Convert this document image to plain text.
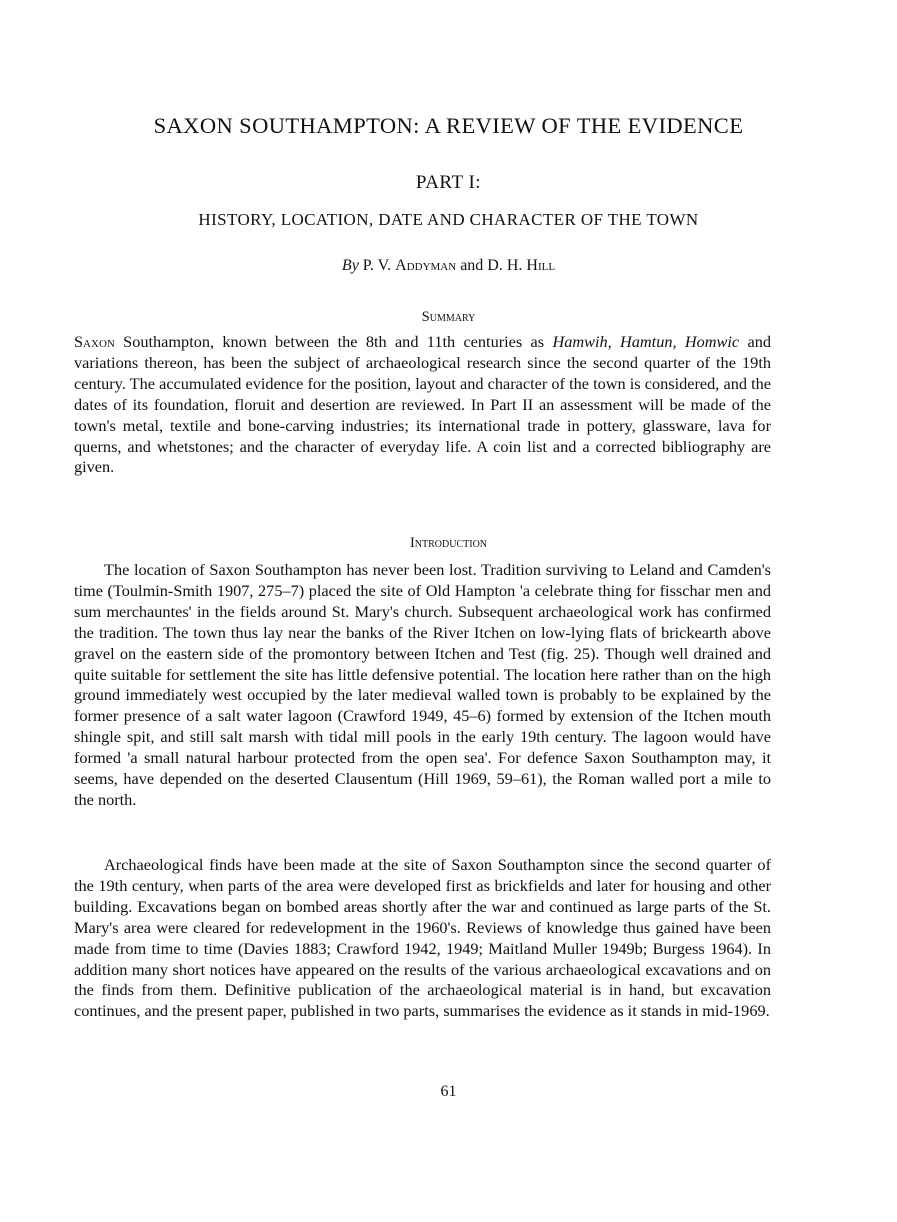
SAXON SOUTHAMPTON: A REVIEW OF THE EVIDENCE
PART I:
HISTORY, LOCATION, DATE AND CHARACTER OF THE TOWN
By P. V. Addyman and D. H. Hill
Summary

Saxon Southampton, known between the 8th and 11th centuries as Hamwih, Hamtun, Homwic and variations thereon, has been the subject of archaeological research since the second quarter of the 19th century. The accumulated evidence for the position, layout and character of the town is considered, and the dates of its foundation, floruit and desertion are reviewed. In Part II an assessment will be made of the town's metal, textile and bone-carving industries; its international trade in pottery, glassware, lava for querns, and whetstones; and the character of everyday life. A coin list and a corrected bibliography are given.

Introduction

The location of Saxon Southampton has never been lost. Tradition surviving to Leland and Camden's time (Toulmin-Smith 1907, 275–7) placed the site of Old Hampton 'a celebrate thing for fisschar men and sum merchauntes' in the fields around St. Mary's church. Subsequent archaeological work has confirmed the tradition. The town thus lay near the banks of the River Itchen on low-lying flats of brickearth above gravel on the eastern side of the promontory between Itchen and Test (fig. 25). Though well drained and quite suitable for settlement the site has little defensive potential. The location here rather than on the high ground immediately west occupied by the later medieval walled town is probably to be explained by the former presence of a salt water lagoon (Crawford 1949, 45–6) formed by extension of the Itchen mouth shingle spit, and still salt marsh with tidal mill pools in the early 19th century. The lagoon would have formed 'a small natural harbour protected from the open sea'. For defence Saxon Southampton may, it seems, have depended on the deserted Clausentum (Hill 1969, 59–61), the Roman walled port a mile to the north.

Archaeological finds have been made at the site of Saxon Southampton since the second quarter of the 19th century, when parts of the area were developed first as brickfields and later for housing and other building. Excavations began on bombed areas shortly after the war and continued as large parts of the St. Mary's area were cleared for redevelopment in the 1960's. Reviews of knowledge thus gained have been made from time to time (Davies 1883; Crawford 1942, 1949; Maitland Muller 1949b; Burgess 1964). In addition many short notices have appeared on the results of the various archaeological excavations and on the finds from them. Definitive publication of the archaeological material is in hand, but excavation continues, and the present paper, published in two parts, summarises the evidence as it stands in mid-1969.

61
